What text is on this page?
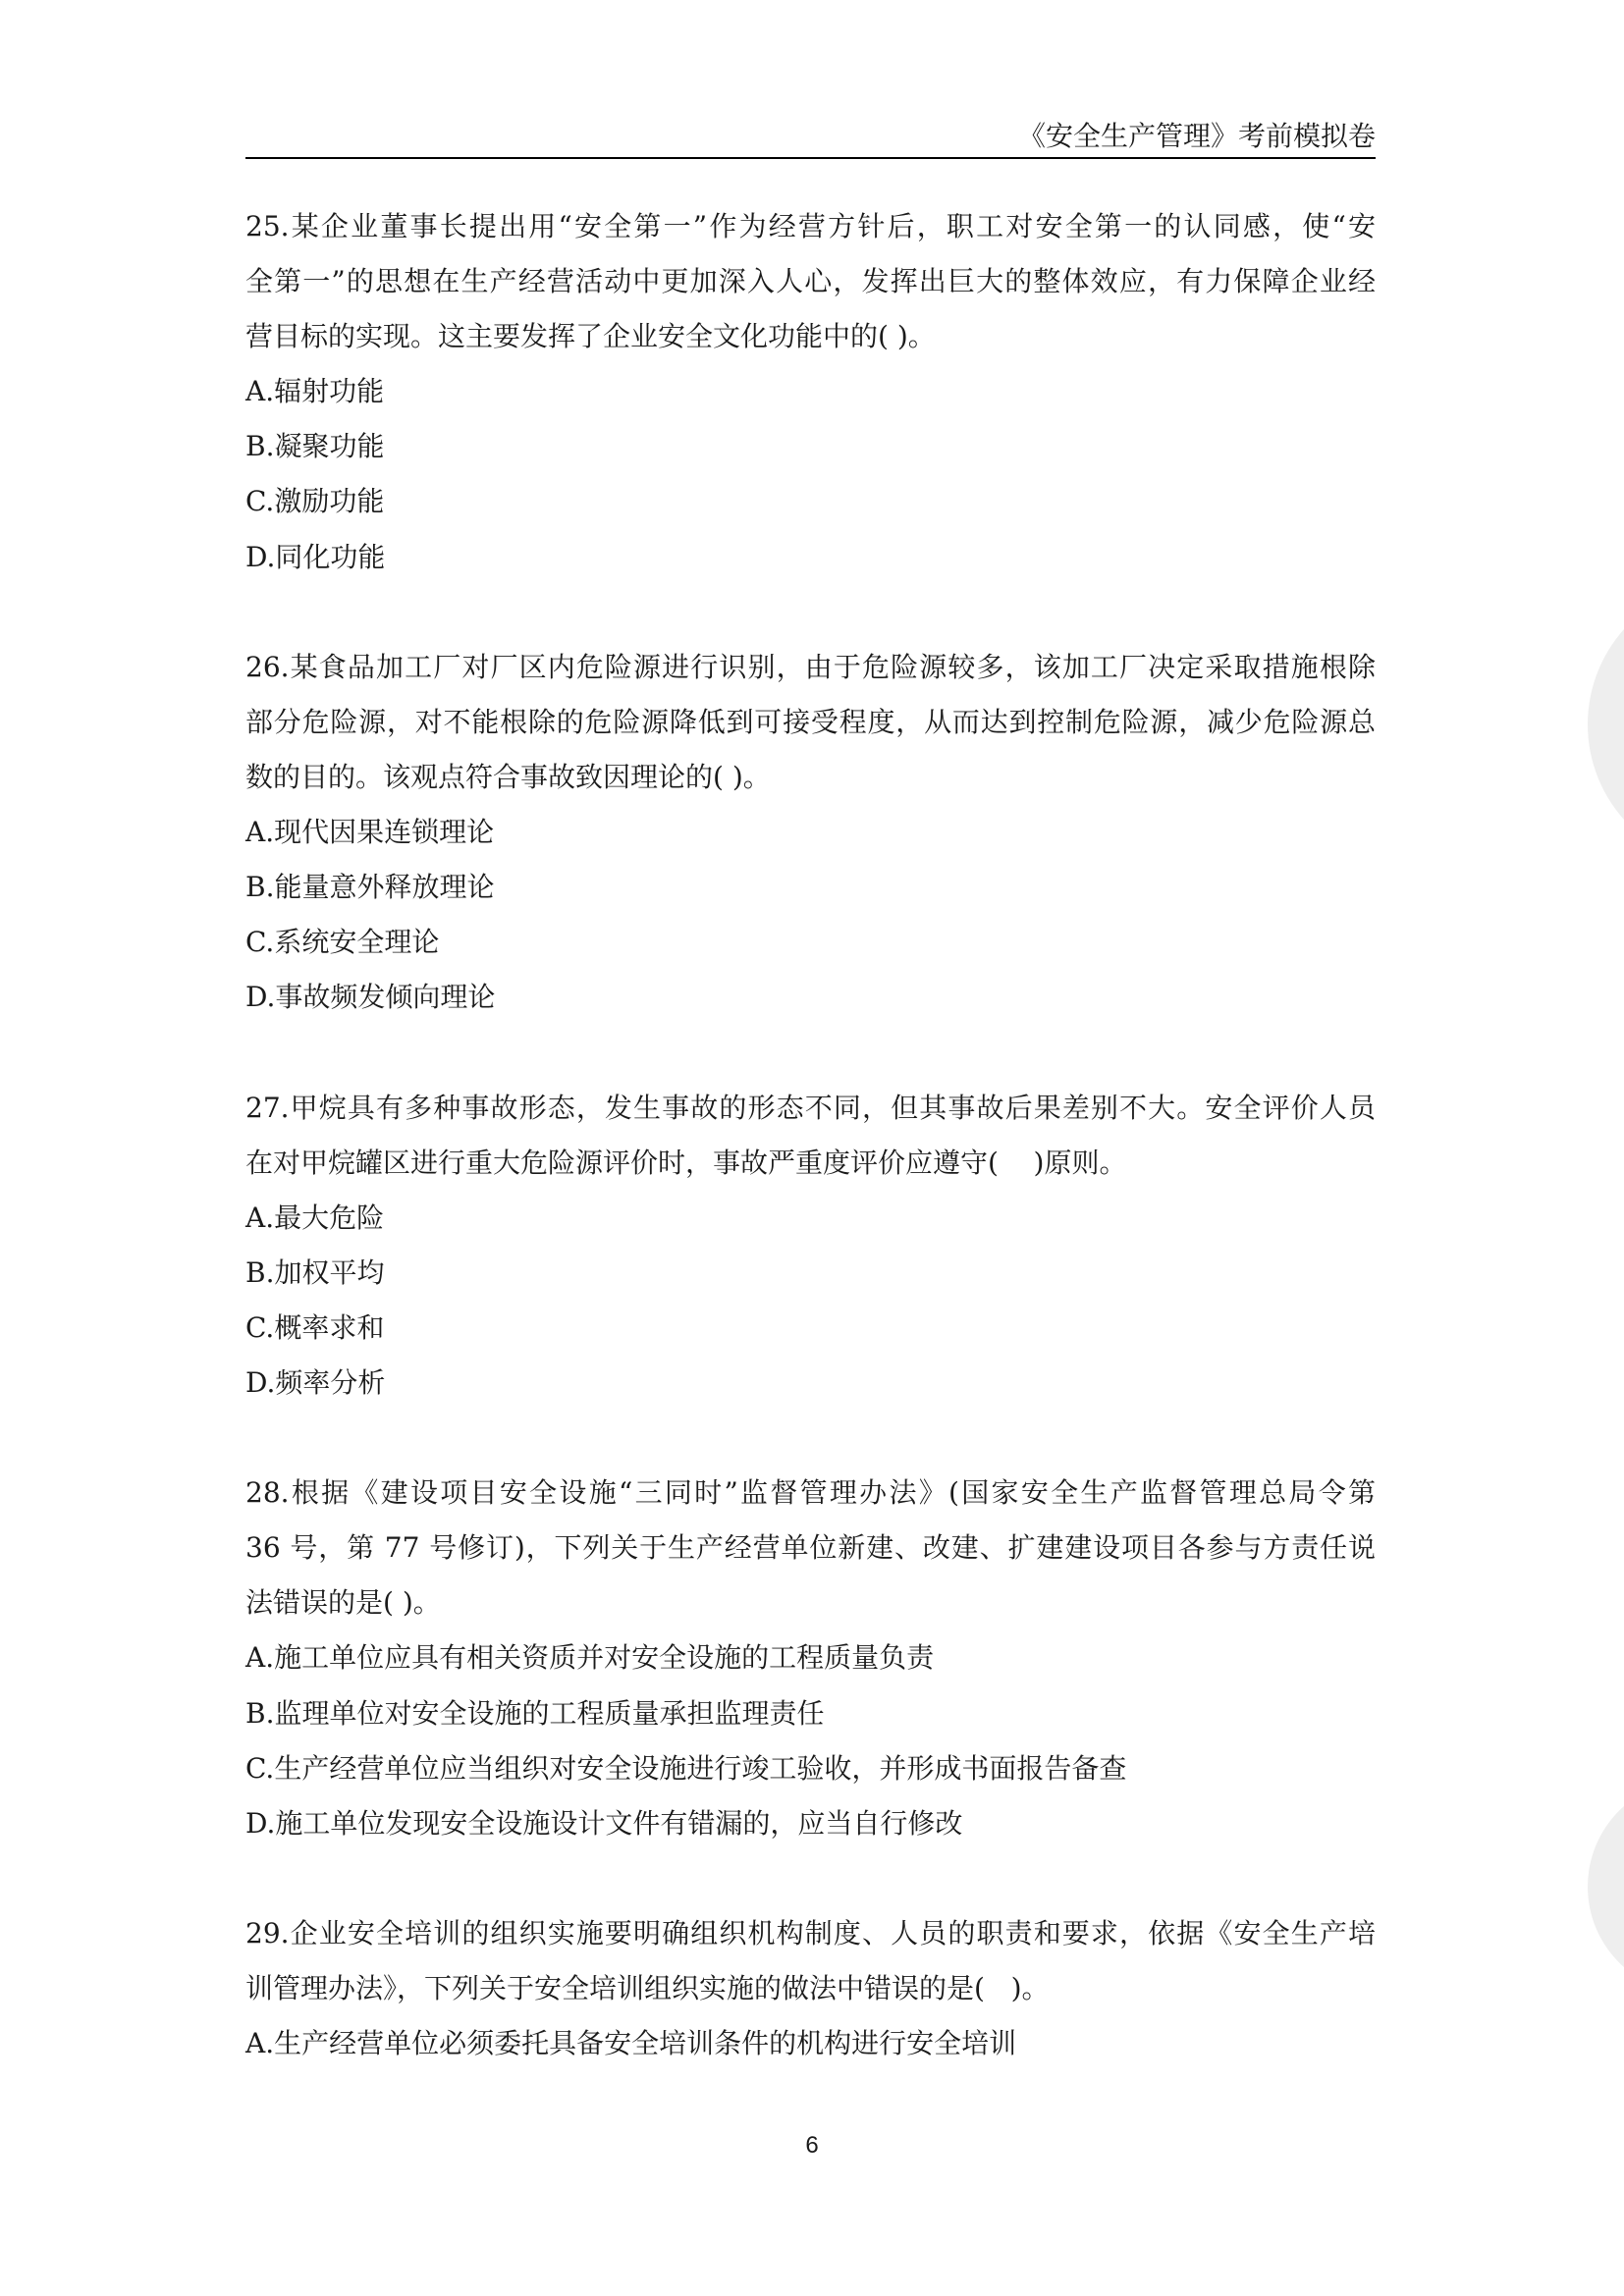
《安全生产管理》考前模拟卷
25.某企业董事长提出用“安全第一”作为经营方针后，职工对安全第一的认同感，使“安
全第一”的思想在生产经营活动中更加深入人心，发挥出巨大的整体效应，有力保障企业经
营目标的实现。这主要发挥了企业安全文化功能中的( )。
A.辐射功能
B.凝聚功能
C.激励功能
D.同化功能
26.某食品加工厂对厂区内危险源进行识别，由于危险源较多，该加工厂决定采取措施根除
部分危险源，对不能根除的危险源降低到可接受程度，从而达到控制危险源，减少危险源总
数的目的。该观点符合事故致因理论的( )。
A.现代因果连锁理论
B.能量意外释放理论
C.系统安全理论
D.事故频发倾向理论
27.甲烷具有多种事故形态，发生事故的形态不同，但其事故后果差别不大。安全评价人员
在对甲烷罐区进行重大危险源评价时，事故严重度评价应遵守(    )原则。
A.最大危险
B.加权平均
C.概率求和
D.频率分析
28.根据《建设项目安全设施“三同时”监督管理办法》(国家安全生产监督管理总局令第
36 号，第 77 号修订)，下列关于生产经营单位新建、改建、扩建建设项目各参与方责任说
法错误的是( )。
A.施工单位应具有相关资质并对安全设施的工程质量负责
B.监理单位对安全设施的工程质量承担监理责任
C.生产经营单位应当组织对安全设施进行竣工验收，并形成书面报告备查
D.施工单位发现安全设施设计文件有错漏的，应当自行修改
29.企业安全培训的组织实施要明确组织机构制度、人员的职责和要求，依据《安全生产培
训管理办法》，下列关于安全培训组织实施的做法中错误的是(   )。
A.生产经营单位必须委托具备安全培训条件的机构进行安全培训
6
